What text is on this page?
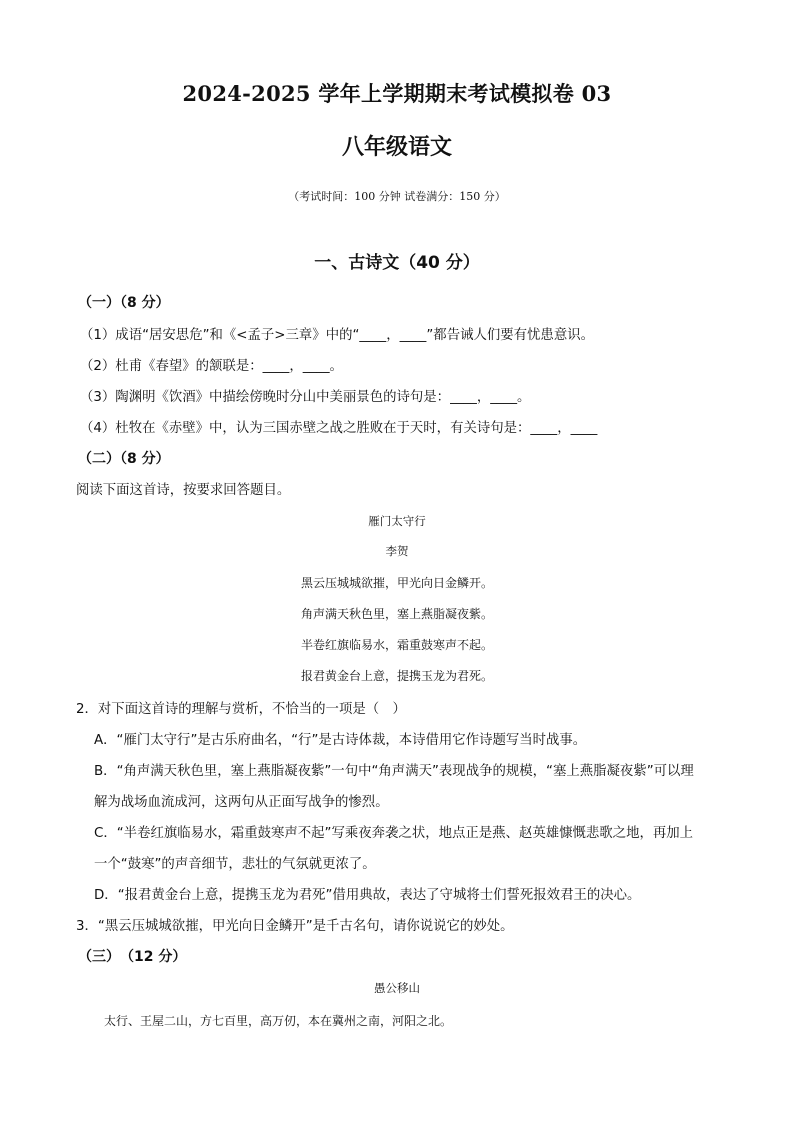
2024-2025 学年上学期期末考试模拟卷 03
八年级语文
（考试时间：100 分钟 试卷满分：150 分）
一、古诗文（40 分）
（一）（8 分）
（1）成语“居安思危”和《<孟子>三章》中的“____，____”都告诫人们要有忧患意识。
（2）杜甫《春望》的颔联是：____，____。
（3）陶渊明《饮酒》中描绘傍晚时分山中美丽景色的诗句是：____，____。
（4）杜牧在《赤壁》中，认为三国赤壁之战之胜败在于天时，有关诗句是：____，____
（二）（8 分）
阅读下面这首诗，按要求回答题目。
雁门太守行
李贺
黑云压城城欲摧，甲光向日金鳞开。
角声满天秋色里，塞上燕脂凝夜紫。
半卷红旗临易水，霜重鼓寒声不起。
报君黄金台上意，提携玉龙为君死。
2．对下面这首诗的理解与赏析，不恰当的一项是（　）
A．“雁门太守行”是古乐府曲名，“行”是古诗体裁，本诗借用它作诗题写当时战事。
B．“角声满天秋色里，塞上燕脂凝夜紫”一句中“角声满天”表现战争的规模，“塞上燕脂凝夜紫”可以理
解为战场血流成河，这两句从正面写战争的惨烈。
C．“半卷红旗临易水，霜重鼓寒声不起”写乘夜奔袭之状，地点正是燕、赵英雄慷慨悲歌之地，再加上
一个“鼓寒”的声音细节，悲壮的气氛就更浓了。
D．“报君黄金台上意，提携玉龙为君死”借用典故，表达了守城将士们誓死报效君王的决心。
3．“黑云压城城欲摧，甲光向日金鳞开”是千古名句，请你说说它的妙处。
（三）　（12 分）
愚公移山
太行、王屋二山，方七百里，高万仞，本在冀州之南，河阳之北。
